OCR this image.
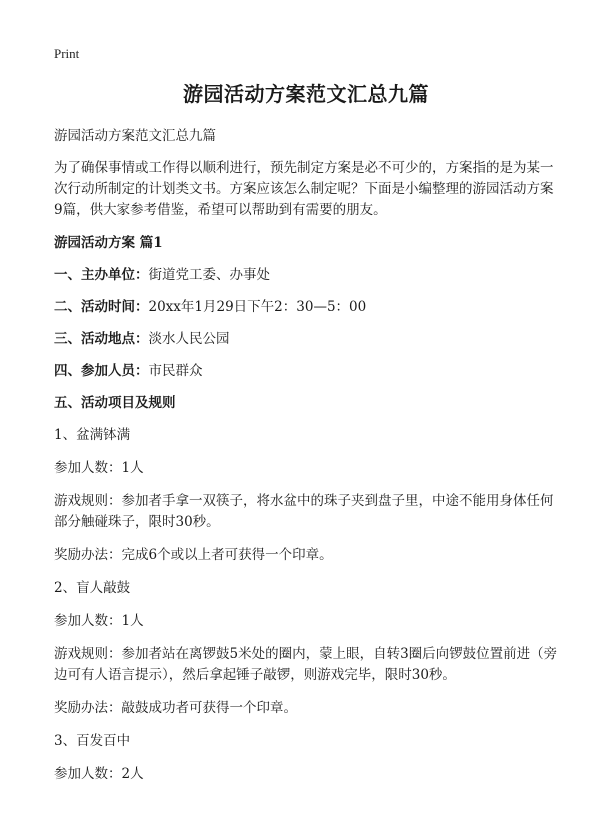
Print
游园活动方案范文汇总九篇
游园活动方案范文汇总九篇
为了确保事情或工作得以顺利进行，预先制定方案是必不可少的，方案指的是为某一次行动所制定的计划类文书。方案应该怎么制定呢？下面是小编整理的游园活动方案9篇，供大家参考借鉴，希望可以帮助到有需要的朋友。
游园活动方案 篇1
一、主办单位：街道党工委、办事处
二、活动时间：20xx年1月29日下午2：30—5：00
三、活动地点：淡水人民公园
四、参加人员：市民群众
五、活动项目及规则
1、盆满钵满
参加人数：1人
游戏规则：参加者手拿一双筷子，将水盆中的珠子夹到盘子里，中途不能用身体任何部分触碰珠子，限时30秒。
奖励办法：完成6个或以上者可获得一个印章。
2、盲人敲鼓
参加人数：1人
游戏规则：参加者站在离锣鼓5米处的圈内，蒙上眼，自转3圈后向锣鼓位置前进（旁边可有人语言提示），然后拿起锤子敲锣，则游戏完毕，限时30秒。
奖励办法：敲鼓成功者可获得一个印章。
3、百发百中
参加人数：2人
